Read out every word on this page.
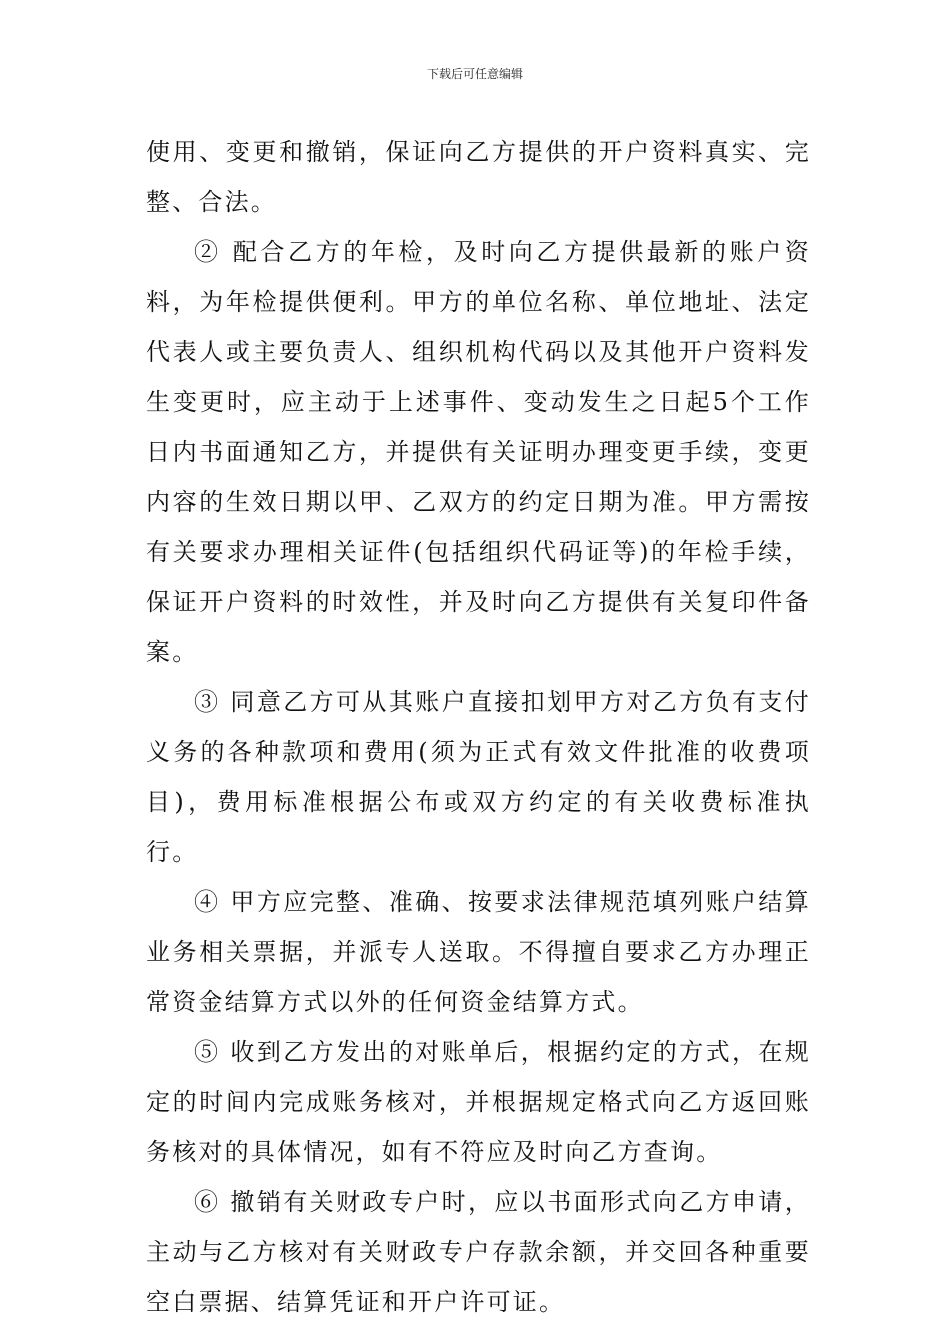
下载后可任意编辑

使用、变更和撤销，保证向乙方提供的开户资料真实、完整、合法。

② 配合乙方的年检，及时向乙方提供最新的账户资料，为年检提供便利。甲方的单位名称、单位地址、法定代表人或主要负责人、组织机构代码以及其他开户资料发生变更时，应主动于上述事件、变动发生之日起5个工作日内书面通知乙方，并提供有关证明办理变更手续，变更内容的生效日期以甲、乙双方的约定日期为准。甲方需按有关要求办理相关证件(包括组织代码证等)的年检手续，保证开户资料的时效性，并及时向乙方提供有关复印件备案。

③ 同意乙方可从其账户直接扣划甲方对乙方负有支付义务的各种款项和费用(须为正式有效文件批准的收费项目)，费用标准根据公布或双方约定的有关收费标准执行。

④ 甲方应完整、准确、按要求法律规范填列账户结算业务相关票据，并派专人送取。不得擅自要求乙方办理正常资金结算方式以外的任何资金结算方式。

⑤ 收到乙方发出的对账单后，根据约定的方式，在规定的时间内完成账务核对，并根据规定格式向乙方返回账务核对的具体情况，如有不符应及时向乙方查询。

⑥ 撤销有关财政专户时，应以书面形式向乙方申请，主动与乙方核对有关财政专户存款余额，并交回各种重要空白票据、结算凭证和开户许可证。
